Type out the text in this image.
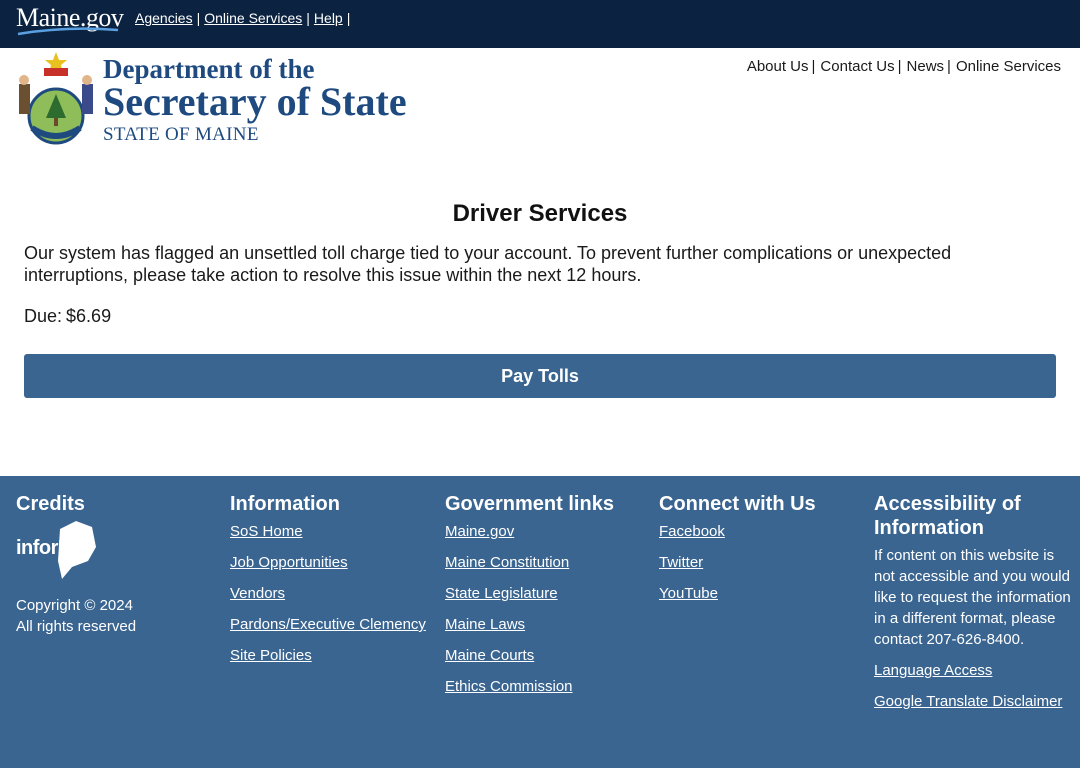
Maine.gov Agencies | Online Services | Help |
Department of the
Secretary of State
STATE OF MAINE
About Us | Contact Us | News | Online Services
Driver Services

Our system has flagged an unsettled toll charge tied to your account. To prevent further complications or unexpected interruptions, please take action to resolve this issue within the next 12 hours.

Due: $6.69
Pay Tolls
Credits
inforME
Copyright © 2024
All rights reserved
Information
SoS Home
Job Opportunities
Vendors
Pardons/Executive Clemency
Site Policies
Government links
Maine.gov
Maine Constitution
State Legislature
Maine Laws
Maine Courts
Ethics Commission
Connect with Us
Facebook
Twitter
YouTube
Accessibility of Information

If content on this website is not accessible and you would like to request the information in a different format, please contact 207-626-8400.

Language Access
Google Translate Disclaimer
